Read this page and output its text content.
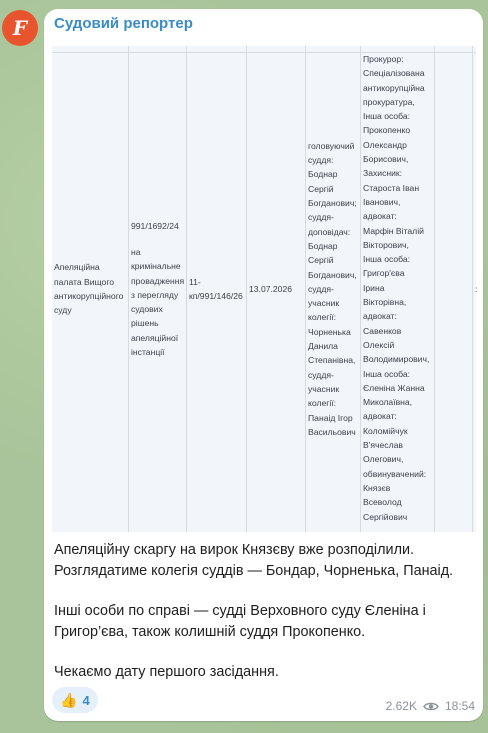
F Судовий репортер
Апеляційна
палата Вищого
антикорупційного
суду
991/1692/24
на
кримінальне
провадження
з перегляду
судових
рішень
апеляційної
інстанції
11-
кп/991/146/26
13.07.2026
головуючий
суддя:
Боднар
Сергій
Богданович;
суддя-
доповідач:
Боднар
Сергій
Богданович,
суддя-
учасник
колегії:
Чорненька
Данила
Степанівна,
суддя-
учасник
колегії:
Панаід Ігор
Васильович
Прокурор:
Спеціалізована
антикорупційна
прокуратура,
Інша особа:
Прокопенко
Олександр
Борисович,
Захисник:
Староста Іван
Іванович,
адвокат:
Марфін Віталій
Вікторович,
Інша особа:
Григор'єва
Ірина
Вікторівна,
адвокат:
Савенков
Олексій
Володимирович,
Інша особа:
Єленіна Жанна
Миколаївна,
адвокат:
Коломійчук
В'ячеслав
Олегович,
обвинувачений:
Князєв
Всеволод
Сергійович
:

Апеляційну скаргу на вирок Князєву вже розподілили.
Розглядатиме колегія суддів — Бондар, Чорненька, Панаід.

Інші особи по справі — судді Верховного суду Єленіна і
Григор’єва, також колишній суддя Прокопенко.

Чекаємо дату першого засідання.

👍 4	2.62K 18:54
